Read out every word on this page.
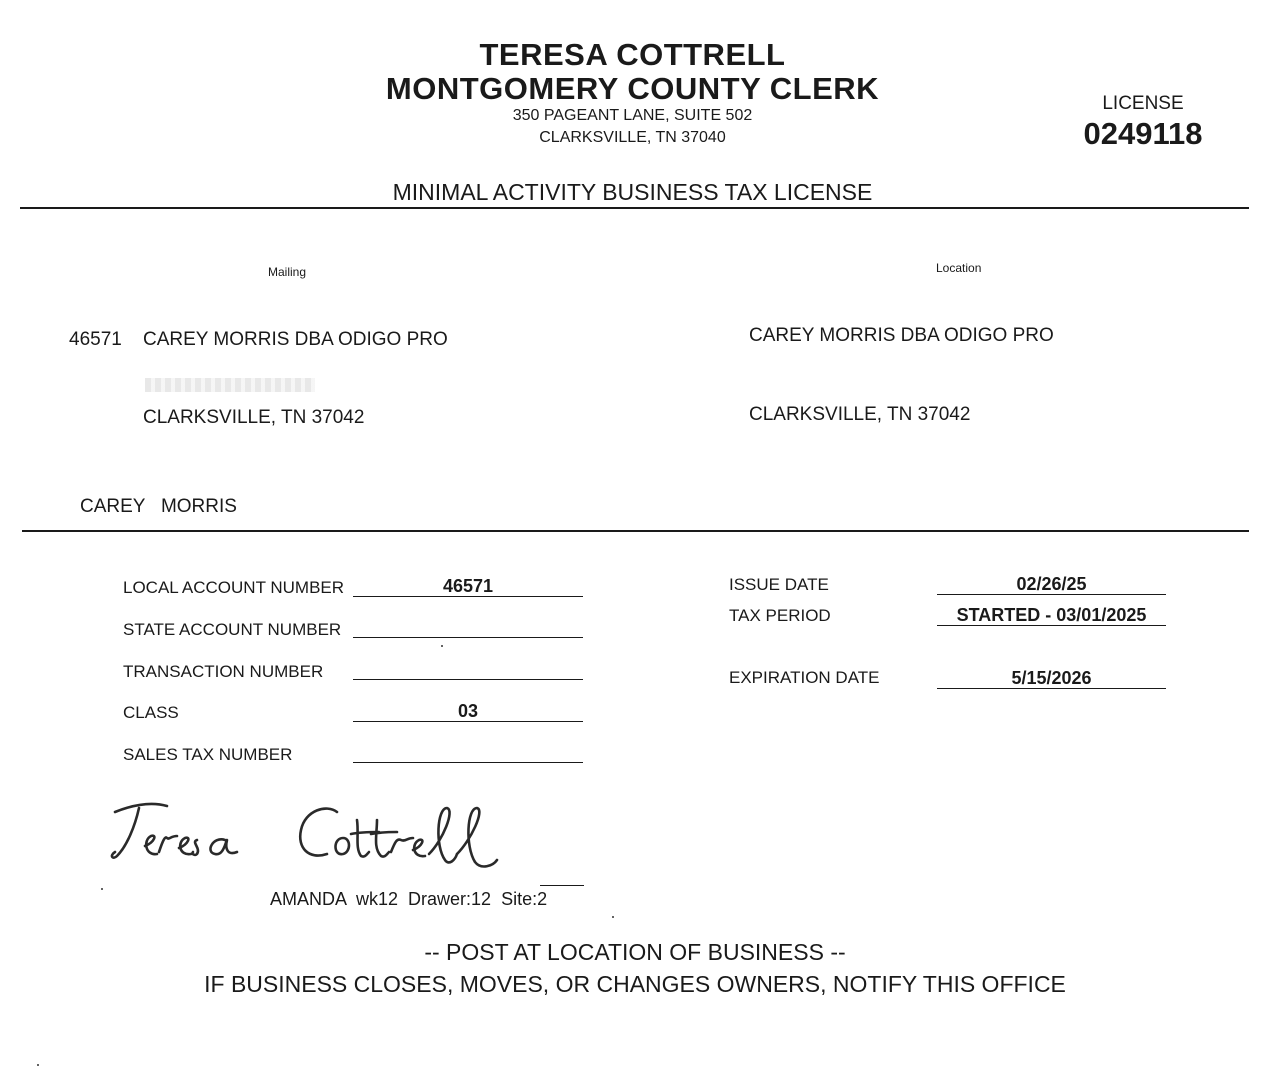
TERESA COTTRELL
MONTGOMERY COUNTY CLERK
350 PAGEANT LANE, SUITE 502
CLARKSVILLE, TN 37040
LICENSE
0249118
MINIMAL ACTIVITY BUSINESS TAX LICENSE
Mailing
46571 CAREY MORRIS DBA ODIGO PRO
CLARKSVILLE, TN 37042
Location
CAREY MORRIS DBA ODIGO PRO
CLARKSVILLE, TN 37042
CAREY   MORRIS
LOCAL ACCOUNT NUMBER	46571
STATE ACCOUNT NUMBER
TRANSACTION NUMBER
CLASS	03
SALES TAX NUMBER
ISSUE DATE	02/26/25
TAX PERIOD	STARTED - 03/01/2025
EXPIRATION DATE	5/15/2026
AMANDA  wk12  Drawer:12  Site:2
-- POST AT LOCATION OF BUSINESS --
IF BUSINESS CLOSES, MOVES, OR CHANGES OWNERS, NOTIFY THIS OFFICE
